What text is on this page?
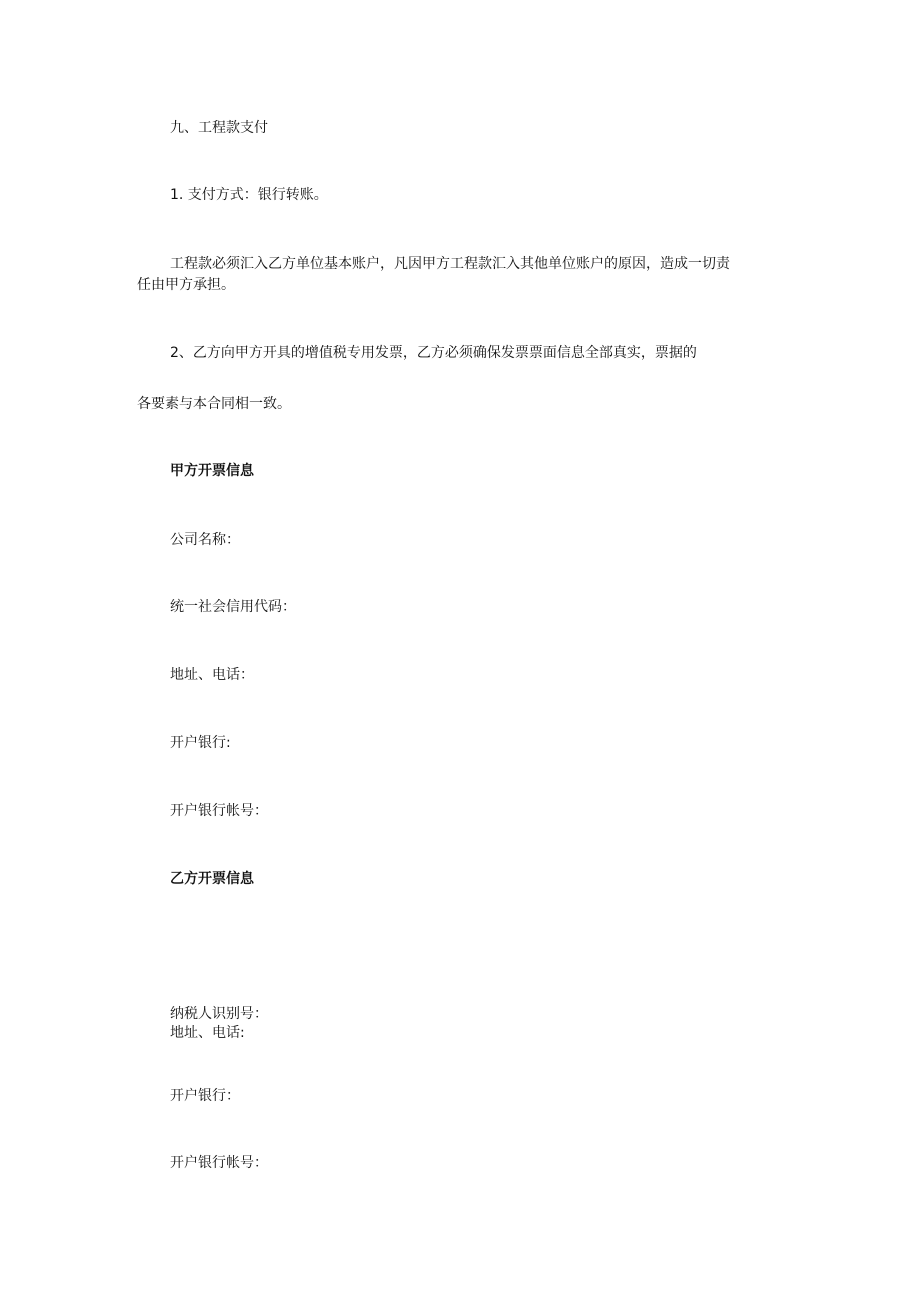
九、工程款支付

1. 支付方式：银行转账。

工程款必须汇入乙方单位基本账户，凡因甲方工程款汇入其他单位账户的原因，造成一切责

任由甲方承担。

2、乙方向甲方开具的增值税专用发票，乙方必须确保发票票面信息全部真实，票据的

各要素与本合同相一致。

甲方开票信息

公司名称：

统一社会信用代码：

地址、电话：

开户银行:

开户银行帐号：

乙方开票信息

纳税人识别号：

地址、电话:

开户银行：

开户银行帐号：
